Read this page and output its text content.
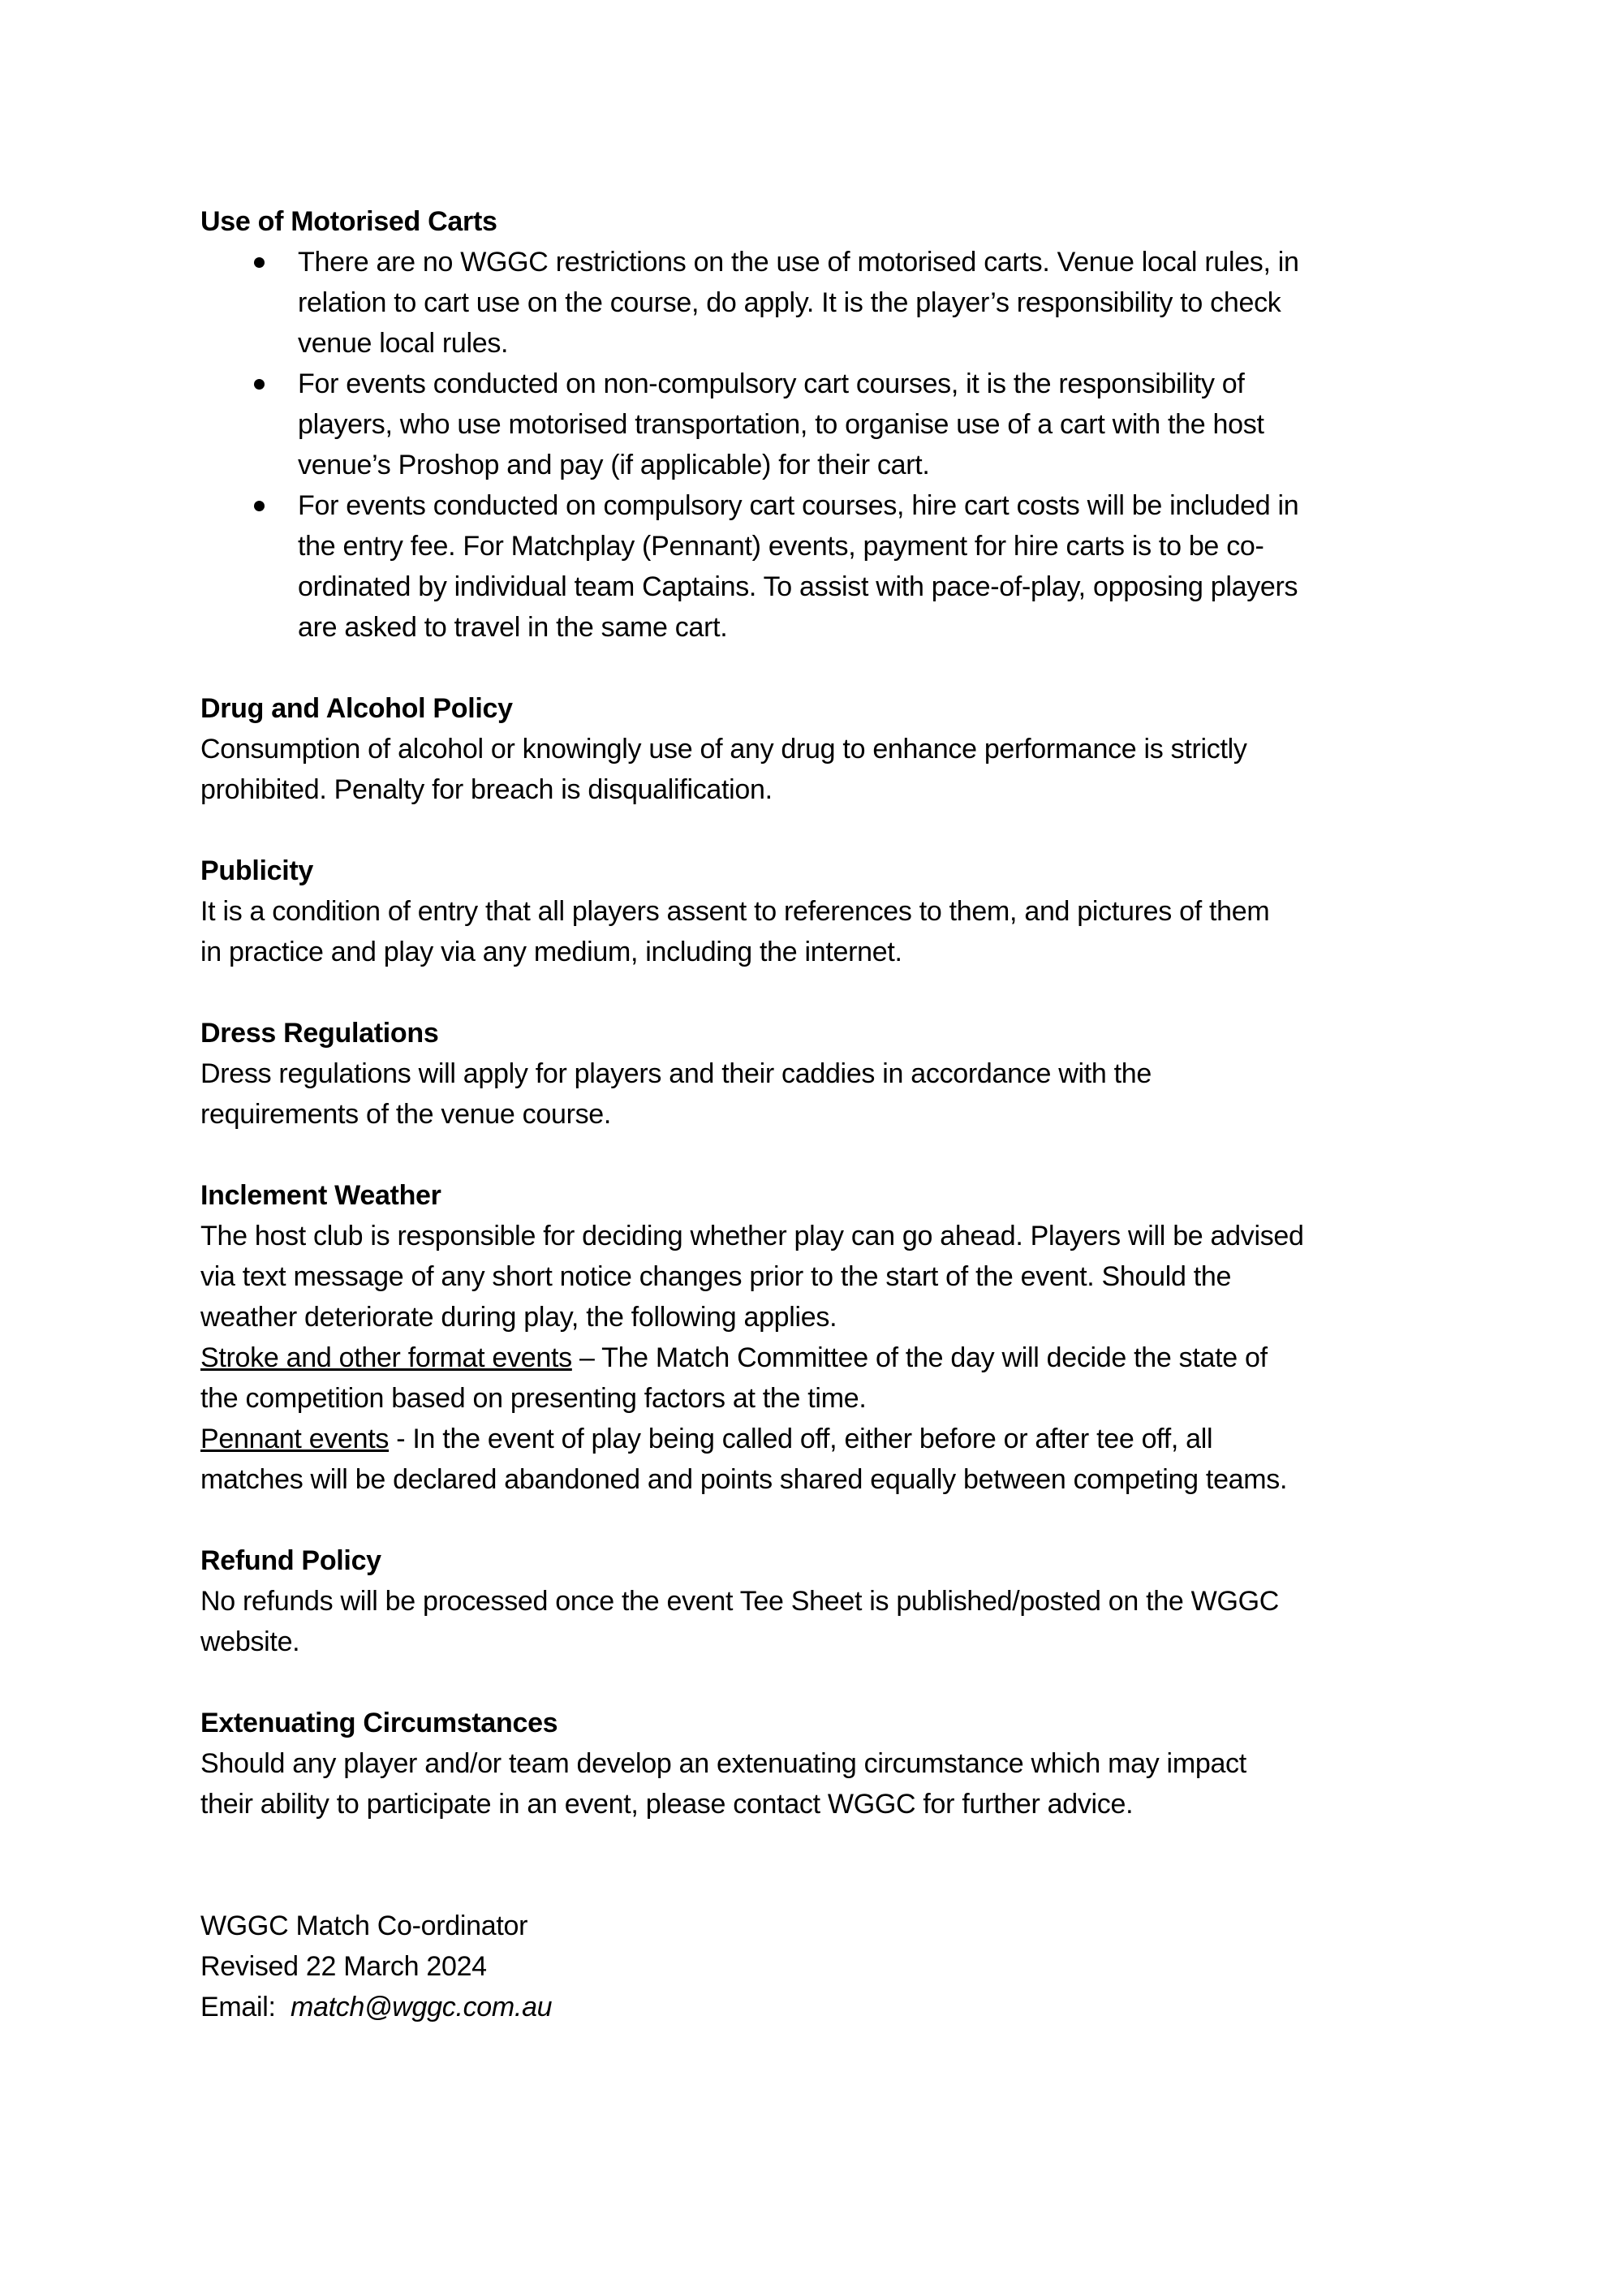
Use of Motorised Carts
There are no WGGC restrictions on the use of motorised carts. Venue local rules, in
relation to cart use on the course, do apply. It is the player’s responsibility to check
venue local rules.
For events conducted on non-compulsory cart courses, it is the responsibility of
players, who use motorised transportation, to organise use of a cart with the host
venue’s Proshop and pay (if applicable) for their cart.
For events conducted on compulsory cart courses, hire cart costs will be included in
the entry fee. For Matchplay (Pennant) events, payment for hire carts is to be co-
ordinated by individual team Captains. To assist with pace-of-play, opposing players
are asked to travel in the same cart.
Drug and Alcohol Policy
Consumption of alcohol or knowingly use of any drug to enhance performance is strictly
prohibited. Penalty for breach is disqualification.
Publicity
It is a condition of entry that all players assent to references to them, and pictures of them
in practice and play via any medium, including the internet.
Dress Regulations
Dress regulations will apply for players and their caddies in accordance with the
requirements of the venue course.
Inclement Weather
The host club is responsible for deciding whether play can go ahead. Players will be advised
via text message of any short notice changes prior to the start of the event. Should the
weather deteriorate during play, the following applies.
Stroke and other format events – The Match Committee of the day will decide the state of
the competition based on presenting factors at the time.
Pennant events - In the event of play being called off, either before or after tee off, all
matches will be declared abandoned and points shared equally between competing teams.
Refund Policy
No refunds will be processed once the event Tee Sheet is published/posted on the WGGC
website.
Extenuating Circumstances
Should any player and/or team develop an extenuating circumstance which may impact
their ability to participate in an event, please contact WGGC for further advice.
WGGC Match Co-ordinator
Revised 22 March 2024
Email:  match@wggc.com.au
